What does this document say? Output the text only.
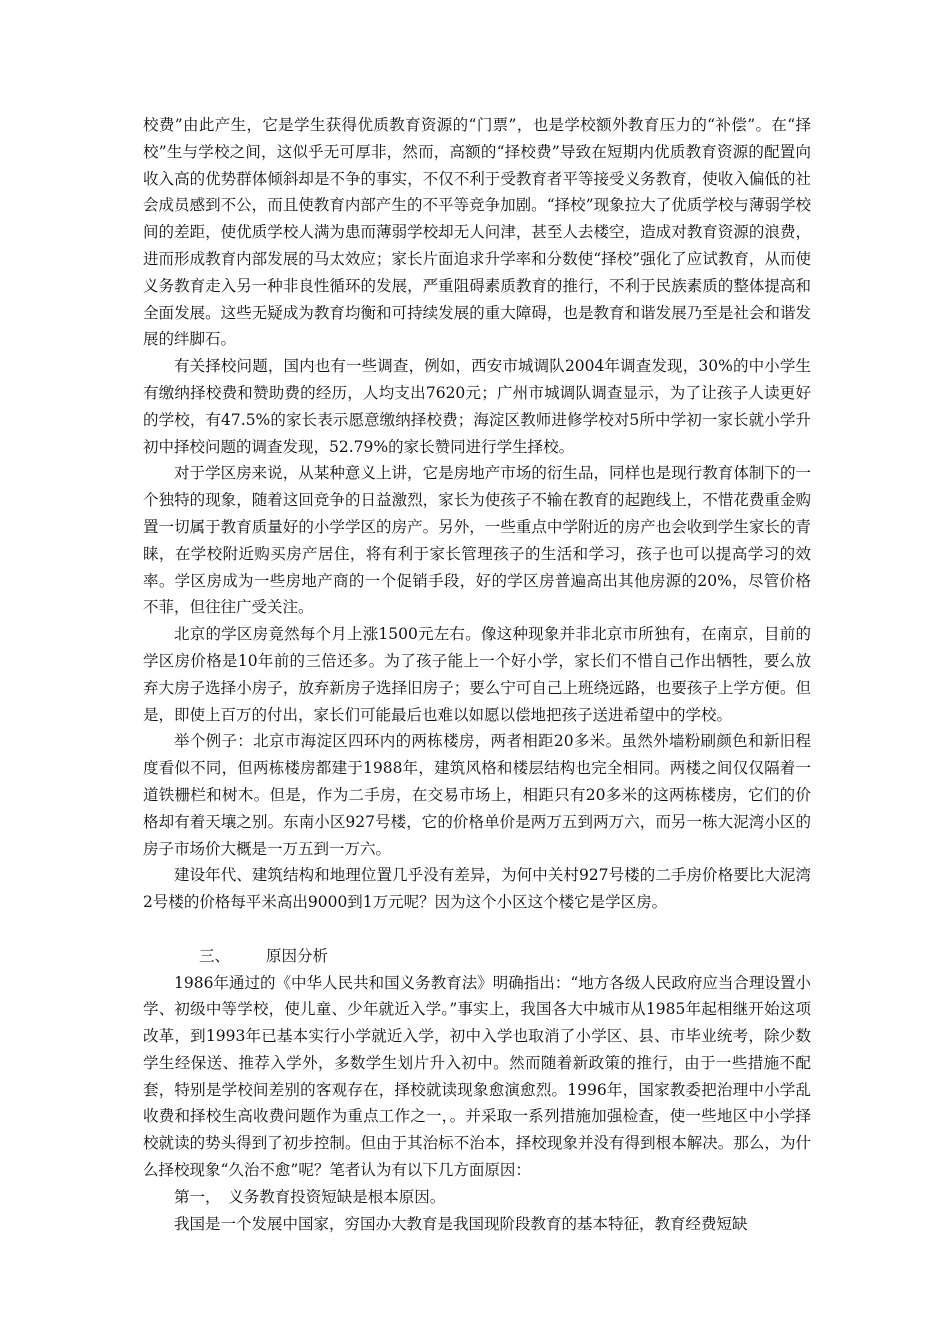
校费”由此产生，它是学生获得优质教育资源的“门票”，也是学校额外教育压力的“补偿”。在“择校”生与学校之间，这似乎无可厚非，然而，高额的“择校费”导致在短期内优质教育资源的配置向收入高的优势群体倾斜却是不争的事实，不仅不利于受教育者平等接受义务教育，使收入偏低的社会成员感到不公，而且使教育内部产生的不平等竞争加剧。“择校”现象拉大了优质学校与薄弱学校间的差距，使优质学校人满为患而薄弱学校却无人问津，甚至人去楼空，造成对教育资源的浪费，进而形成教育内部发展的马太效应；家长片面追求升学率和分数使“择校”强化了应试教育，从而使义务教育走入另一种非良性循环的发展，严重阻碍素质教育的推行，不利于民族素质的整体提高和全面发展。这些无疑成为教育均衡和可持续发展的重大障碍，也是教育和谐发展乃至是社会和谐发展的绊脚石。

有关择校问题，国内也有一些调查，例如，西安市城调队2004年调查发现，30%的中小学生有缴纳择校费和赞助费的经历，人均支出7620元；广州市城调队调查显示，为了让孩子人读更好的学校，有47.5%的家长表示愿意缴纳择校费；海淀区教师进修学校对5所中学初一家长就小学升初中择校问题的调查发现，52.79%的家长赞同进行学生择校。

对于学区房来说，从某种意义上讲，它是房地产市场的衍生品，同样也是现行教育体制下的一个独特的现象，随着这回竞争的日益激烈，家长为使孩子不输在教育的起跑线上，不惜花费重金购置一切属于教育质量好的小学学区的房产。另外，一些重点中学附近的房产也会收到学生家长的青睐，在学校附近购买房产居住，将有利于家长管理孩子的生活和学习，孩子也可以提高学习的效率。学区房成为一些房地产商的一个促销手段，好的学区房普遍高出其他房源的20%，尽管价格不菲，但往往广受关注。

北京的学区房竟然每个月上涨1500元左右。像这种现象并非北京市所独有，在南京，目前的学区房价格是10年前的三倍还多。为了孩子能上一个好小学，家长们不惜自己作出牺牲，要么放弃大房子选择小房子，放弃新房子选择旧房子；要么宁可自己上班绕远路，也要孩子上学方便。但是，即使上百万的付出，家长们可能最后也难以如愿以偿地把孩子送进希望中的学校。

举个例子：北京市海淀区四环内的两栋楼房，两者相距20多米。虽然外墙粉刷颜色和新旧程度看似不同，但两栋楼房都建于1988年，建筑风格和楼层结构也完全相同。两楼之间仅仅隔着一道铁栅栏和树木。但是，作为二手房，在交易市场上，相距只有20多米的这两栋楼房，它们的价格却有着天壤之别。东南小区927号楼，它的价格单价是两万五到两万六，而另一栋大泥湾小区的房子市场价大概是一万五到一万六。

建设年代、建筑结构和地理位置几乎没有差异，为何中关村927号楼的二手房价格要比大泥湾2号楼的价格每平米高出9000到1万元呢？因为这个小区这个楼它是学区房。

三、 原因分析

1986年通过的《中华人民共和国义务教育法》明确指出：“地方各级人民政府应当合理设置小学、初级中等学校，使儿童、少年就近入学。”事实上，我国各大中城市从1985年起相继开始这项改革，到1993年已基本实行小学就近入学，初中入学也取消了小学区、县、市毕业统考，除少数学生经保送、推荐入学外，多数学生划片升入初中。然而随着新政策的推行，由于一些措施不配套，特别是学校间差别的客观存在，择校就读现象愈演愈烈。1996年，国家教委把治理中小学乱收费和择校生高收费问题作为重点工作之一，。并采取一系列措施加强检查，使一些地区中小学择校就读的势头得到了初步控制。但由于其治标不治本，择校现象并没有得到根本解决。那么，为什么择校现象“久治不愈”呢？笔者认为有以下几方面原因：

第一，　义务教育投资短缺是根本原因。

我国是一个发展中国家，穷国办大教育是我国现阶段教育的基本特征，教育经费短缺
